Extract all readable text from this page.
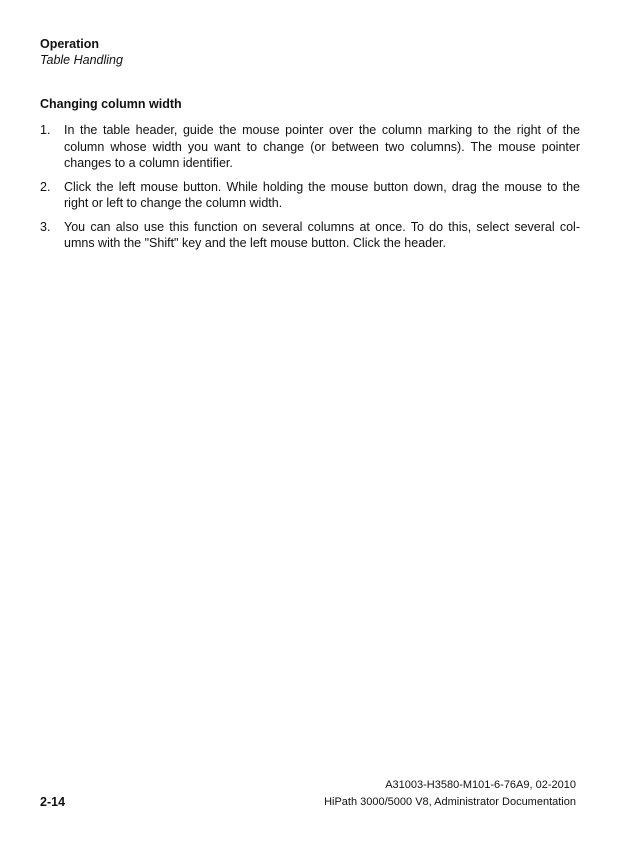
Operation
Table Handling
Changing column width
1.	In the table header, guide the mouse pointer over the column marking to the right of the column whose width you want to change (or between two columns). The mouse pointer changes to a column identifier.
2.	Click the left mouse button. While holding the mouse button down, drag the mouse to the right or left to change the column width.
3.	You can also use this function on several columns at once. To do this, select several col-umns with the "Shift" key and the left mouse button. Click the header.
A31003-H3580-M101-6-76A9, 02-2010
2-14	HiPath 3000/5000 V8, Administrator Documentation
